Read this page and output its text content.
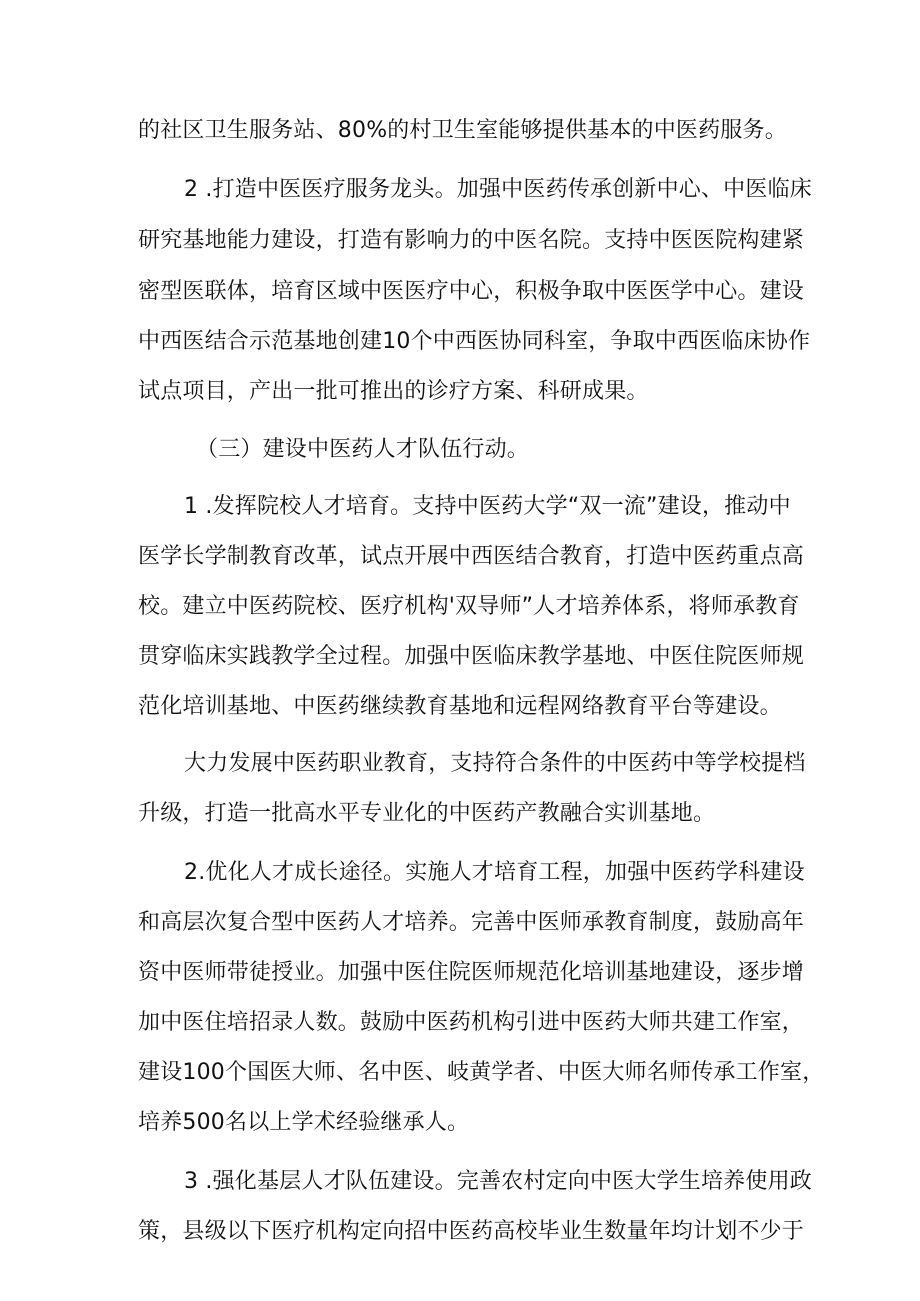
的社区卫生服务站、80%的村卫生室能够提供基本的中医药服务。
2 .打造中医医疗服务龙头。加强中医药传承创新中心、中医临床
研究基地能力建设，打造有影响力的中医名院。支持中医医院构建紧
密型医联体，培育区域中医医疗中心，积极争取中医医学中心。建设
中西医结合示范基地创建10个中西医协同科室，争取中西医临床协作
试点项目，产出一批可推出的诊疗方案、科研成果。
（三）建设中医药人才队伍行动。
1 .发挥院校人才培育。支持中医药大学“双一流”建设，推动中
医学长学制教育改革，试点开展中西医结合教育，打造中医药重点高
校。建立中医药院校、医疗机构'双导师”人才培养体系，将师承教育
贯穿临床实践教学全过程。加强中医临床教学基地、中医住院医师规
范化培训基地、中医药继续教育基地和远程网络教育平台等建设。
大力发展中医药职业教育，支持符合条件的中医药中等学校提档
升级，打造一批高水平专业化的中医药产教融合实训基地。
2.优化人才成长途径。实施人才培育工程，加强中医药学科建设
和高层次复合型中医药人才培养。完善中医师承教育制度，鼓励高年
资中医师带徒授业。加强中医住院医师规范化培训基地建设，逐步增
加中医住培招录人数。鼓励中医药机构引进中医药大师共建工作室，
建设100个国医大师、名中医、岐黄学者、中医大师名师传承工作室，
培养500名以上学术经验继承人。
3 .强化基层人才队伍建设。完善农村定向中医大学生培养使用政
策，县级以下医疗机构定向招中医药高校毕业生数量年均计划不少于
